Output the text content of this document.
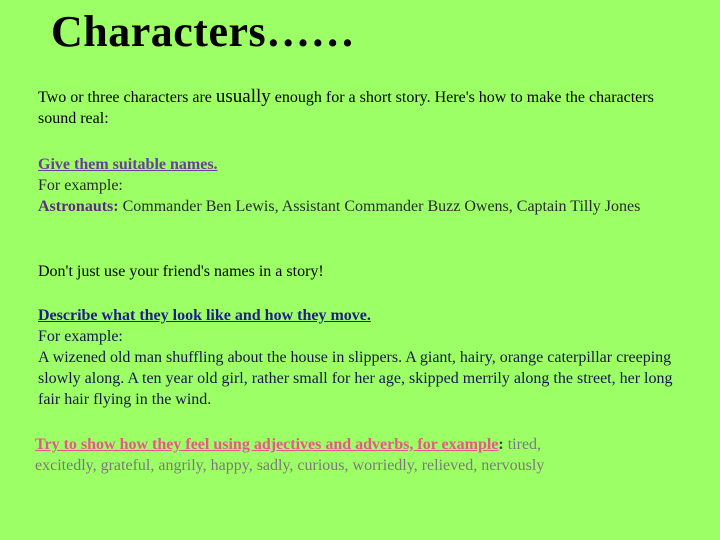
Characters……
Two or three characters are usually enough for a short story. Here's how to make the characters sound real:
Give them suitable names.
For example:
Astronauts: Commander Ben Lewis, Assistant Commander Buzz Owens, Captain Tilly Jones
Don't just use your friend's names in a story!
Describe what they look like and how they move.
For example:
A wizened old man shuffling about the house in slippers. A giant, hairy, orange caterpillar creeping slowly along. A ten year old girl, rather small for her age, skipped merrily along the street, her long fair hair flying in the wind.
Try to show how they feel using adjectives and adverbs, for example: tired, excitedly, grateful, angrily, happy, sadly, curious, worriedly, relieved, nervously
